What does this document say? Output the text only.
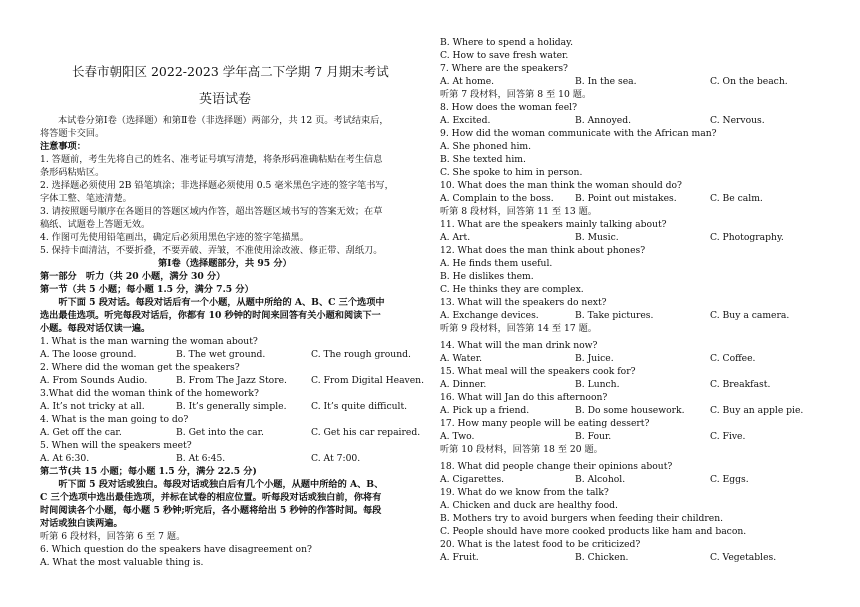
长春市朝阳区 2022-2023 学年高二下学期 7 月期末考试
英语试卷
本试卷分第Ⅰ卷（选择题）和第Ⅱ卷（非选择题）两部分，共 12 页。考试结束后，
将答题卡交回。
注意事项：
1. 答题前，考生先将自己的姓名、准考证号填写清楚，将条形码准确粘贴在考生信息
条形码粘贴区。
2. 选择题必须使用 2B 铅笔填涂；非选择题必须使用 0.5 毫米黑色字迹的签字笔书写，
字体工整、笔迹清楚。
3. 请按照题号顺序在各题目的答题区域内作答，超出答题区域书写的答案无效；在草
稿纸、试题卷上答题无效。
4. 作图可先使用铅笔画出，确定后必须用黑色字迹的签字笔描黑。
5. 保持卡面清洁，不要折叠，不要弄破、弄皱，不准使用涂改液、修正带、刮纸刀。
第Ⅰ卷（选择题部分，共 95 分）
第一部分　听力（共 20 小题，满分 30 分）
第一节（共 5 小题；每小题 1.5 分，满分 7.5 分）
　　听下面 5 段对话。每段对话后有一个小题，从题中所给的 A、B、C 三个选项中
选出最佳选项。听完每段对话后，你都有 10 秒钟的时间来回答有关小题和阅读下一
小题。每段对话仅读一遍。
1. What is the man warning the woman about?
A. The loose ground.	B. The wet ground.	C. The rough ground.
2. Where did the woman get the speakers?
A. From Sounds Audio.	B. From The Jazz Store.	C. From Digital Heaven.
3.What did the woman think of the homework?
A. It’s not tricky at all.	B. It’s generally simple.	C. It’s quite difficult.
4. What is the man going to do?
A. Get off the car.	B. Get into the car.	C. Get his car repaired.
5. When will the speakers meet?
A. At 6:30.	B. At 6:45.	C. At 7:00.
第二节(共 15 小题；每小题 1.5 分，满分 22.5 分)
　　听下面 5 段对话或独白。每段对话或独白后有几个小题，从题中所给的 A、B、
C 三个选项中选出最佳选项，并标在试卷的相应位置。听每段对话或独白前，你将有
时间阅读各个小题，每小题 5 秒钟;听完后，各小题将给出 5 秒钟的作答时间。每段
对话或独白读两遍。
听第 6 段材料，回答第 6 至 7 题。
6. Which question do the speakers have disagreement on?
A. What the most valuable thing is.
B. Where to spend a holiday.
C. How to save fresh water.
7. Where are the speakers?
A. At home.	B. In the sea.	C. On the beach.
听第 7 段材料，回答第 8 至 10 题。
8. How does the woman feel?
A. Excited.	B. Annoyed.	C. Nervous.
9. How did the woman communicate with the African man?
A. She phoned him.
B. She texted him.
C. She spoke to him in person.
10. What does the man think the woman should do?
A. Complain to the boss. B. Point out mistakes.	C. Be calm.
听第 8 段材料，回答第 11 至 13 题。
11. What are the speakers mainly talking about?
A. Art.	B. Music.	C. Photography.
12. What does the man think about phones?
A. He finds them useful.
B. He dislikes them.
C. He thinks they are complex.
13. What will the speakers do next?
A. Exchange devices.	B. Take pictures.	C. Buy a camera.
听第 9 段材料，回答第 14 至 17 题。
14. What will the man drink now?
A. Water.	B. Juice.	C. Coffee.
15. What meal will the speakers cook for?
A. Dinner.	B. Lunch.	C. Breakfast.
16. What will Jan do this afternoon?
A. Pick up a friend.	B. Do some housework.	C. Buy an apple pie.
17. How many people will be eating dessert?
A. Two.	B. Four.	C. Five.
听第 10 段材料，回答第 18 至 20 题。
18. What did people change their opinions about?
A. Cigarettes.	B. Alcohol.	C. Eggs.
19. What do we know from the talk?
A. Chicken and duck are healthy food.
B. Mothers try to avoid burgers when feeding their children.
C. People should have more cooked products like ham and bacon.
20. What is the latest food to be criticized?
A. Fruit.	B. Chicken.	C. Vegetables.
